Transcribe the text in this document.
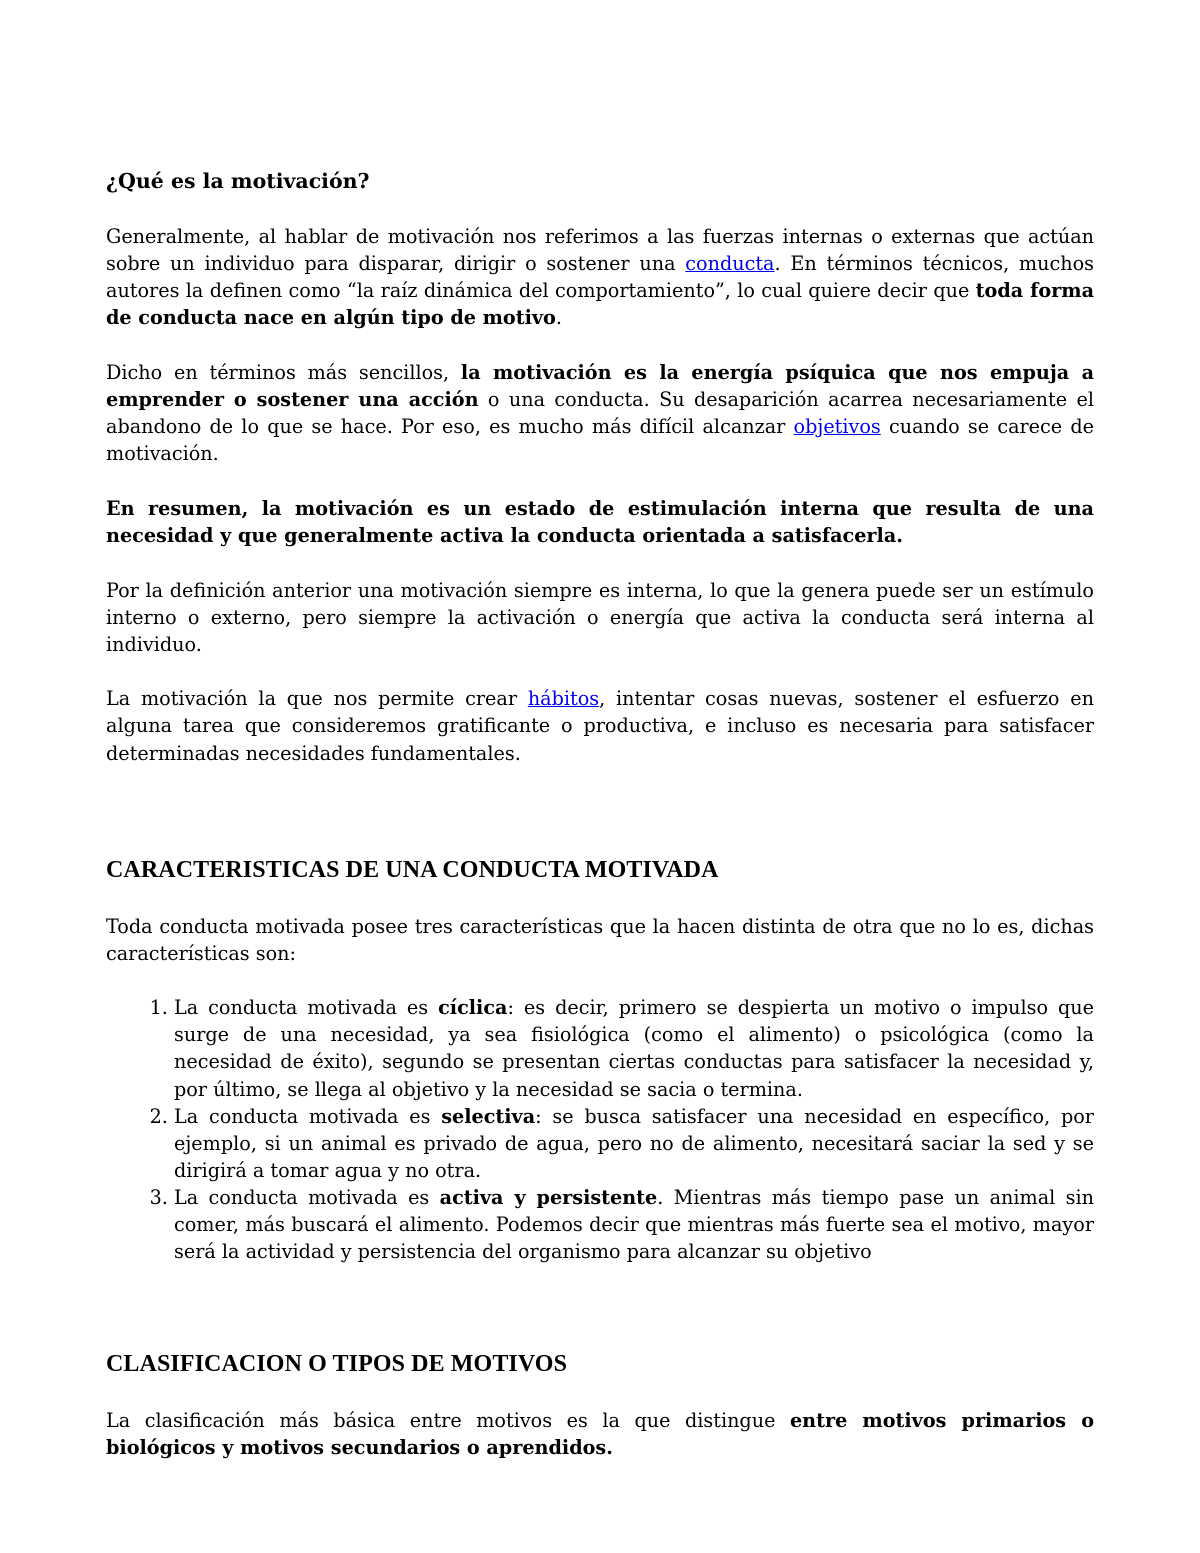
¿Qué es la motivación?

Generalmente, al hablar de motivación nos referimos a las fuerzas internas o externas que actúan sobre un individuo para disparar, dirigir o sostener una conducta. En términos técnicos, muchos autores la definen como “la raíz dinámica del comportamiento”, lo cual quiere decir que toda forma de conducta nace en algún tipo de motivo.

Dicho en términos más sencillos, la motivación es la energía psíquica que nos empuja a emprender o sostener una acción o una conducta. Su desaparición acarrea necesariamente el abandono de lo que se hace. Por eso, es mucho más difícil alcanzar objetivos cuando se carece de motivación.

En resumen, la motivación es un estado de estimulación interna que resulta de una necesidad y que generalmente activa la conducta orientada a satisfacerla.

Por la definición anterior una motivación siempre es interna, lo que la genera puede ser un estímulo interno o externo, pero siempre la activación o energía que activa la conducta será interna al individuo.

La motivación la que nos permite crear hábitos, intentar cosas nuevas, sostener el esfuerzo en alguna tarea que consideremos gratificante o productiva, e incluso es necesaria para satisfacer determinadas necesidades fundamentales.

CARACTERISTICAS DE UNA CONDUCTA MOTIVADA

Toda conducta motivada posee tres características que la hacen distinta de otra que no lo es, dichas características son:

1. La conducta motivada es cíclica: es decir, primero se despierta un motivo o impulso que surge de una necesidad, ya sea fisiológica (como el alimento) o psicológica (como la necesidad de éxito), segundo se presentan ciertas conductas para satisfacer la necesidad y, por último, se llega al objetivo y la necesidad se sacia o termina.
2. La conducta motivada es selectiva: se busca satisfacer una necesidad en específico, por ejemplo, si un animal es privado de agua, pero no de alimento, necesitará saciar la sed y se dirigirá a tomar agua y no otra.
3. La conducta motivada es activa y persistente. Mientras más tiempo pase un animal sin comer, más buscará el alimento. Podemos decir que mientras más fuerte sea el motivo, mayor será la actividad y persistencia del organismo para alcanzar su objetivo
CLASIFICACION O TIPOS DE MOTIVOS

La clasificación más básica entre motivos es la que distingue entre motivos primarios o biológicos y motivos secundarios o aprendidos.
